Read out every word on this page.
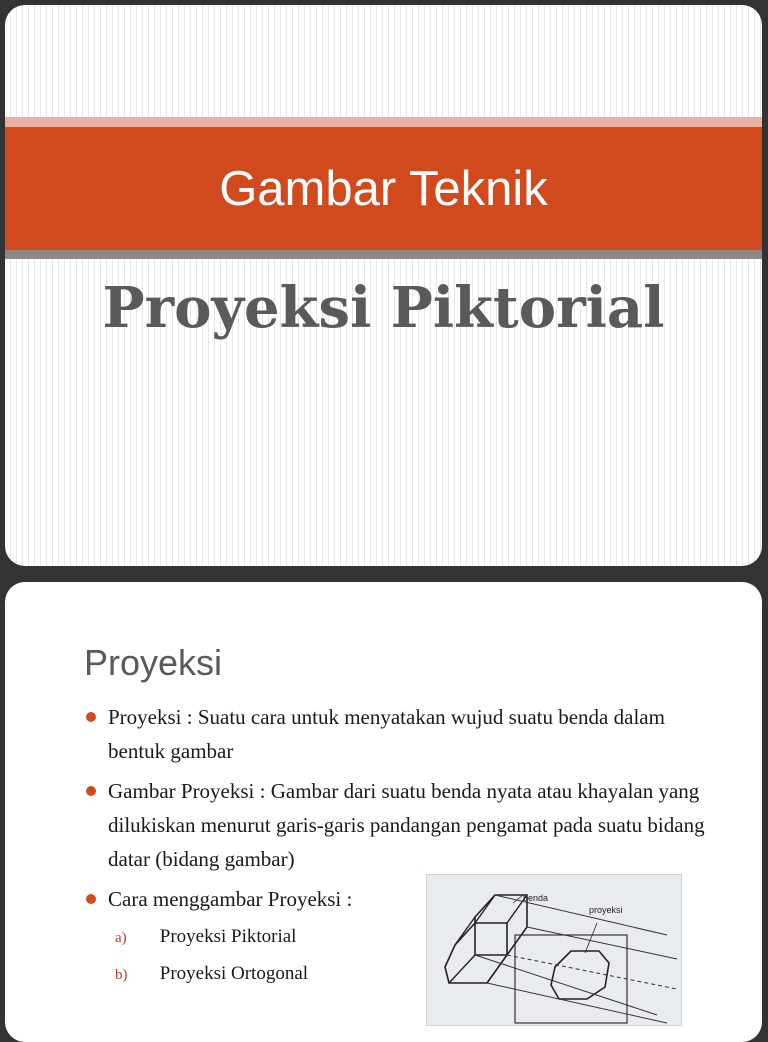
Gambar Teknik
Proyeksi Piktorial
Proyeksi
Proyeksi : Suatu cara untuk menyatakan wujud suatu benda dalam bentuk gambar
Gambar Proyeksi : Gambar dari suatu benda nyata atau khayalan yang dilukiskan menurut garis-garis pandangan pengamat pada suatu bidang datar (bidang gambar)
Cara menggambar Proyeksi :
a) Proyeksi Piktorial
b) Proyeksi Ortogonal
benda
proyeksi
